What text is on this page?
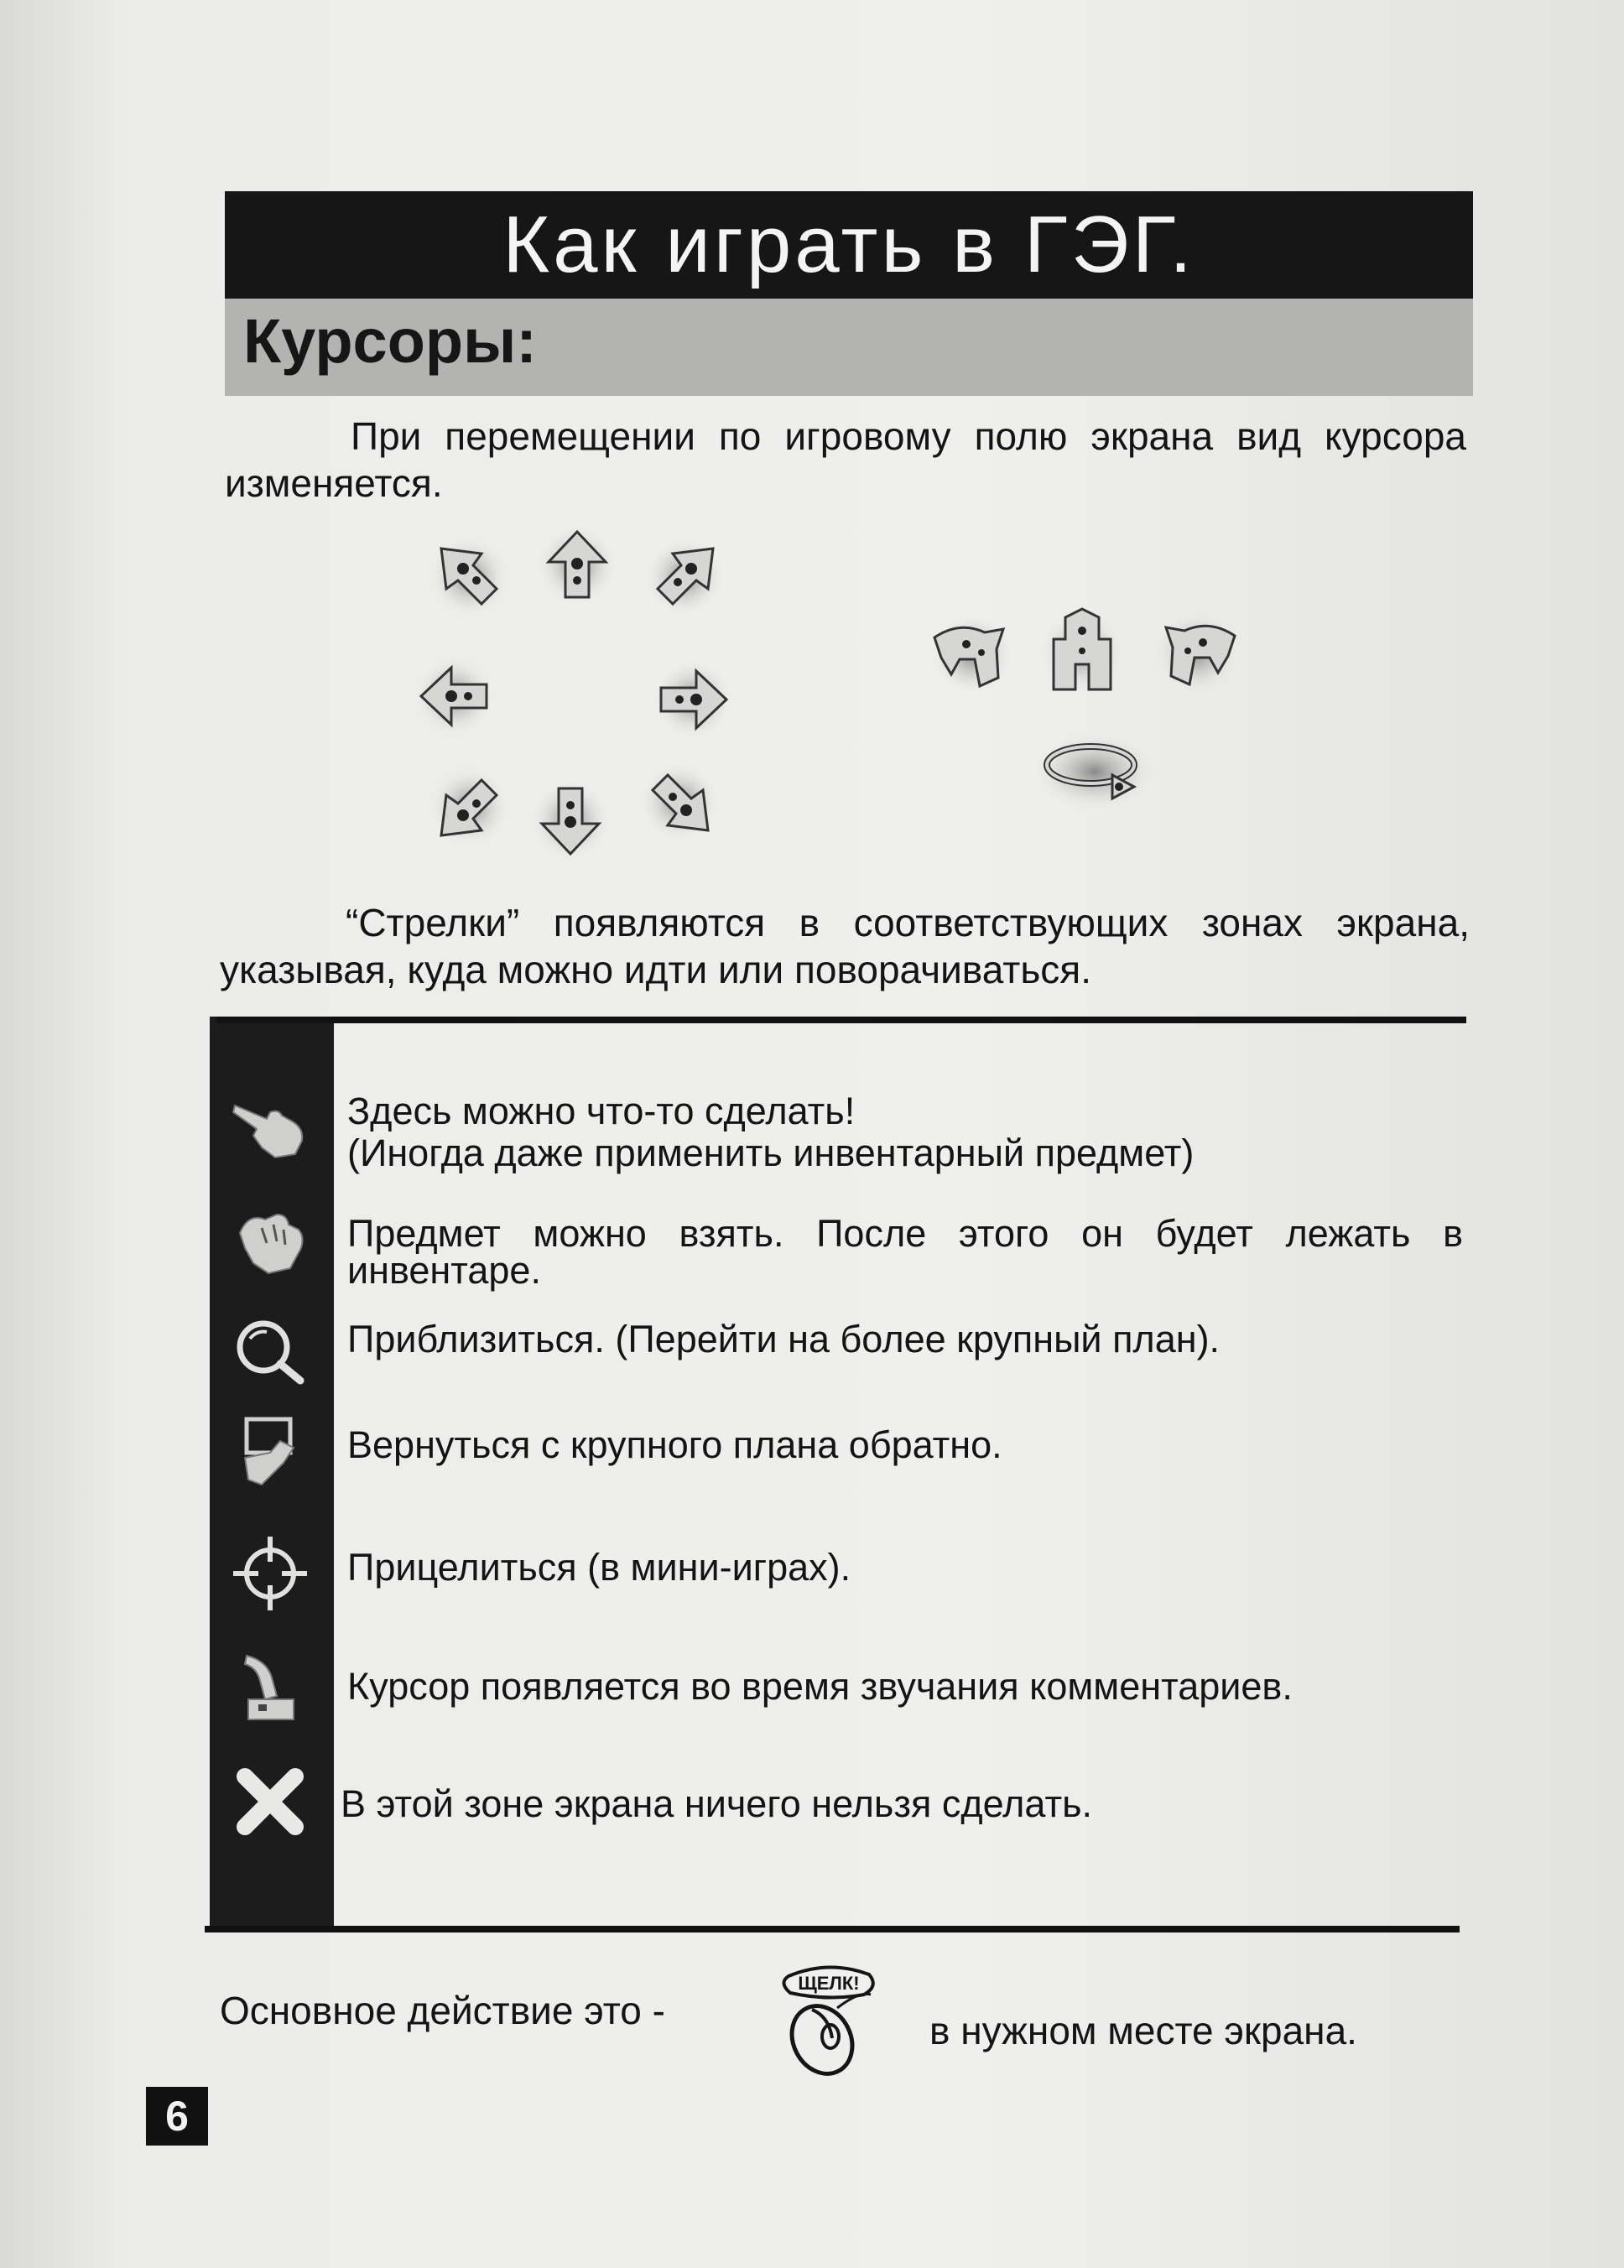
Как играть в ГЭГ.
Курсоры:
При перемещении по игровому полю экрана вид курсора изменяется.
“Стрелки” появляются в соответствующих зонах экрана, указывая, куда можно идти или поворачиваться.
Здесь можно что-то сделать!
(Иногда даже применить инвентарный предмет)
Предмет можно взять. После этого он будет лежать в
инвентаре.
Приблизиться. (Перейти на более крупный план).
Вернуться с крупного плана обратно.
Прицелиться (в мини-играх).
Курсор появляется во время звучания комментариев.
В этой зоне экрана ничего нельзя сделать.
Основное действие это -
ЩЕЛК!
в нужном месте экрана.
6
